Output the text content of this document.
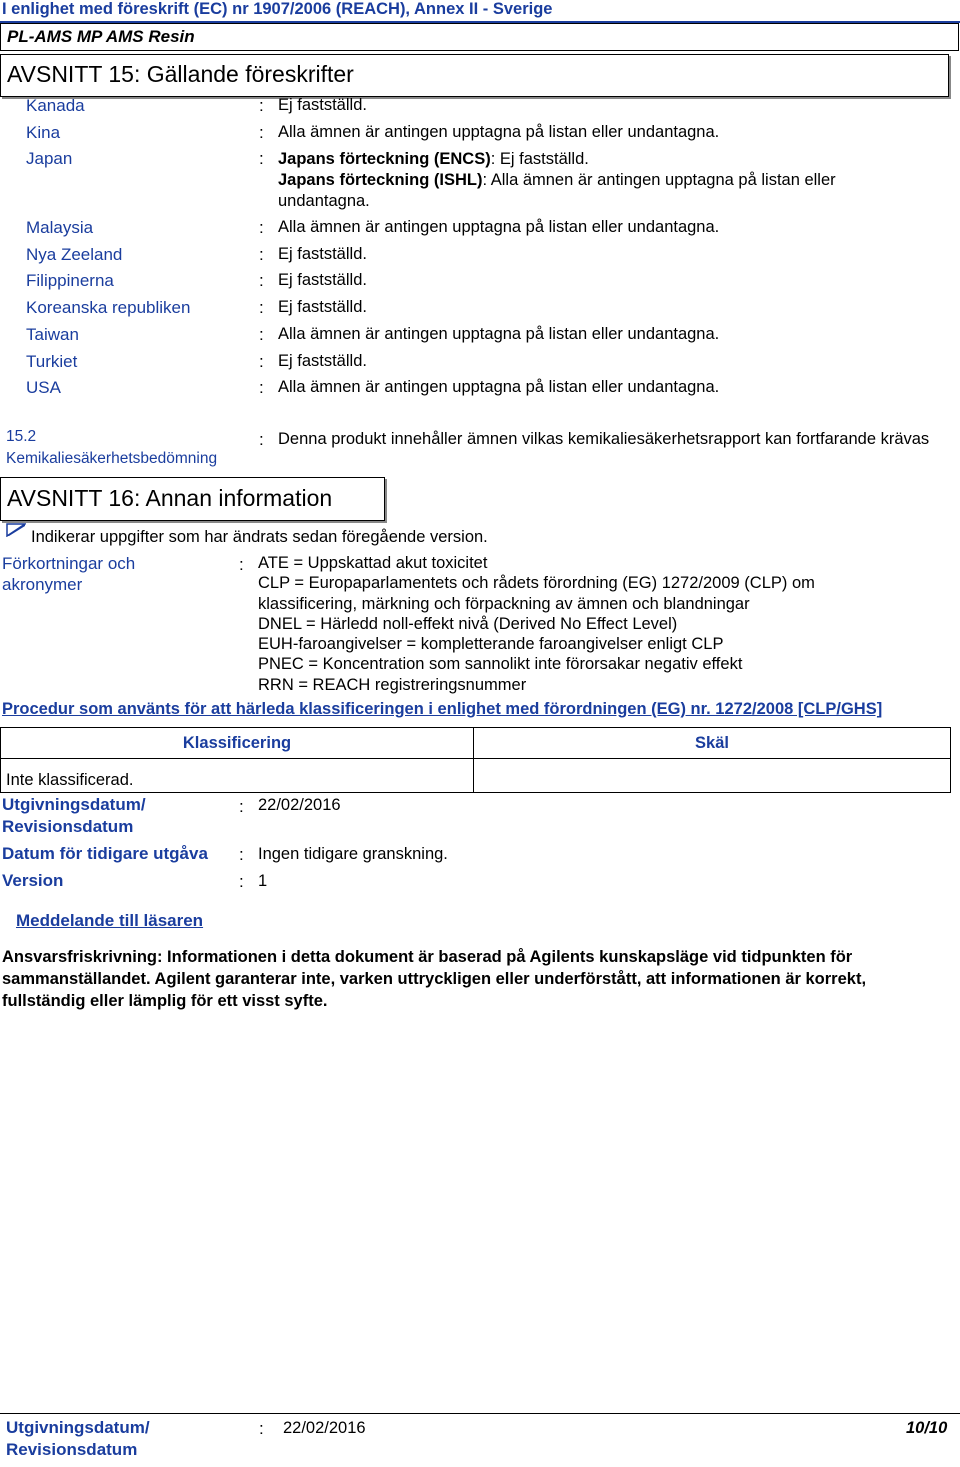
I enlighet med föreskrift (EC) nr 1907/2006 (REACH), Annex II - Sverige
PL-AMS MP AMS Resin
AVSNITT 15: Gällande föreskrifter
Kanada	: Ej fastställd.
Kina	: Alla ämnen är antingen upptagna på listan eller undantagna.
Japan	: Japans förteckning (ENCS): Ej fastställd.
Japans förteckning (ISHL): Alla ämnen är antingen upptagna på listan eller undantagna.
Malaysia	: Alla ämnen är antingen upptagna på listan eller undantagna.
Nya Zeeland	: Ej fastställd.
Filippinerna	: Ej fastställd.
Koreanska republiken	: Ej fastställd.
Taiwan	: Alla ämnen är antingen upptagna på listan eller undantagna.
Turkiet	: Ej fastställd.
USA	: Alla ämnen är antingen upptagna på listan eller undantagna.
15.2
Kemikaliesäkerhetsbedömning
: Denna produkt innehåller ämnen vilkas kemikaliesäkerhetsrapport kan fortfarande krävas
AVSNITT 16: Annan information
Indikerar uppgifter som har ändrats sedan föregående version.
Förkortningar och akronymer
: ATE = Uppskattad akut toxicitet
CLP = Europaparlamentets och rådets förordning (EG) 1272/2009 (CLP) om
klassificering, märkning och förpackning av ämnen och blandningar
DNEL = Härledd noll-effekt nivå (Derived No Effect Level)
EUH-faroangivelser = kompletterande faroangivelser enligt CLP
PNEC = Koncentration som sannolikt inte förorsakar negativ effekt
RRN = REACH registreringsnummer
Procedur som använts för att härleda klassificeringen i enlighet med förordningen (EG) nr. 1272/2008 [CLP/GHS]
Klassificering	Skäl
Inte klassificerad.	
Utgivningsdatum/
Revisionsdatum
: 22/02/2016
Datum för tidigare utgåva : Ingen tidigare granskning.
Version	: 1
Meddelande till läsaren
Ansvarsfriskrivning: Informationen i detta dokument är baserad på Agilents kunskapsläge vid tidpunkten för sammanställandet. Agilent garanterar inte, varken uttryckligen eller underförstått, att informationen är korrekt, fullständig eller lämplig för ett visst syfte.
Utgivningsdatum/
Revisionsdatum
: 22/02/2016	10/10
